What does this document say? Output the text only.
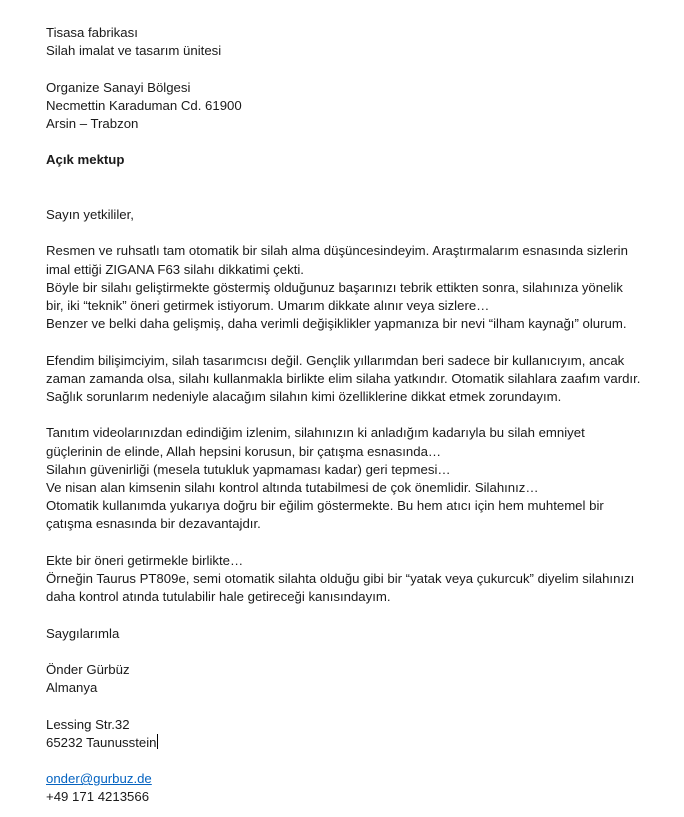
Tisasa fabrikası
Silah imalat ve tasarım ünitesi
Organize Sanayi Bölgesi
Necmettin Karaduman Cd. 61900
Arsin – Trabzon
Açık mektup
Sayın yetkililer,
Resmen ve ruhsatlı tam otomatik bir silah alma düşüncesindeyim. Araştırmalarım esnasında sizlerin
imal ettiği ZIGANA F63 silahı dikkatimi çekti.
Böyle bir silahı geliştirmekte göstermiş olduğunuz başarınızı tebrik ettikten sonra, silahınıza yönelik
bir, iki “teknik” öneri getirmek istiyorum. Umarım dikkate alınır veya sizlere…
Benzer ve belki daha gelişmiş, daha verimli değişiklikler yapmanıza bir nevi “ilham kaynağı” olurum.
Efendim bilişimciyim, silah tasarımcısı değil. Gençlik yıllarımdan beri sadece bir kullanıcıyım, ancak
zaman zamanda olsa, silahı kullanmakla birlikte elim silaha yatkındır. Otomatik silahlara zaafım vardır.
Sağlık sorunlarım nedeniyle alacağım silahın kimi özelliklerine dikkat etmek zorundayım.
Tanıtım videolarınızdan edindiğim izlenim, silahınızın ki anladığım kadarıyla bu silah emniyet
güçlerinin de elinde, Allah hepsini korusun, bir çatışma esnasında…
Silahın güvenirliği (mesela tutukluk yapmaması kadar) geri tepmesi…
Ve nisan alan kimsenin silahı kontrol altında tutabilmesi de çok önemlidir. Silahınız…
Otomatik kullanımda yukarıya doğru bir eğilim göstermekte. Bu hem atıcı için hem muhtemel bir
çatışma esnasında bir dezavantajdır.
Ekte bir öneri getirmekle birlikte…
Örneğin Taurus PT809e, semi otomatik silahta olduğu gibi bir “yatak veya çukurcuk” diyelim silahınızı
daha kontrol atında tutulabilir hale getireceği kanısındayım.
Saygılarımla
Önder Gürbüz
Almanya
Lessing Str.32
65232 Taunusstein
onder@gurbuz.de
+49 171 4213566
